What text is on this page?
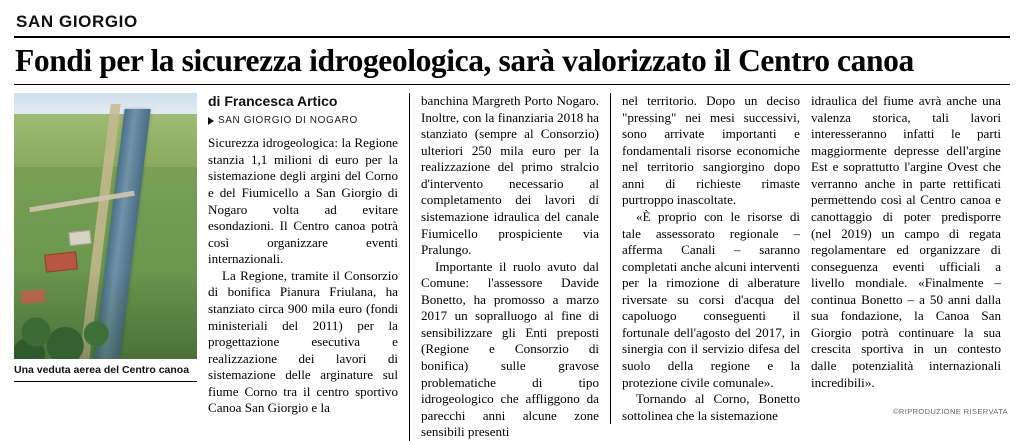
SAN GIORGIO
Fondi per la sicurezza idrogeologica, sarà valorizzato il Centro canoa
Una veduta aerea del Centro canoa
di Francesca Artico
SAN GIORGIO DI NOGARO

Sicurezza idrogeologica: la Regione stanzia 1,1 milioni di euro per la sistemazione degli argini del Corno e del Fiumicello a San Giorgio di Nogaro volta ad evitare esondazioni. Il Centro canoa potrà così organizzare eventi internazionali.

La Regione, tramite il Consorzio di bonifica Pianura Friulana, ha stanziato circa 900 mila euro (fondi ministeriali del 2011) per la progettazione esecutiva e realizzazione dei lavori di sistemazione delle arginature sul fiume Corno tra il centro sportivo Canoa San Giorgio e la

banchina Margreth Porto Nogaro. Inoltre, con la finanziaria 2018 ha stanziato (sempre al Consorzio) ulteriori 250 mila euro per la realizzazione del primo stralcio d'intervento necessario al completamento dei lavori di sistemazione idraulica del canale Fiumicello prospiciente via Pralungo.

Importante il ruolo avuto dal Comune: l'assessore Davide Bonetto, ha promosso a marzo 2017 un sopralluogo al fine di sensibilizzare gli Enti preposti (Regione e Consorzio di bonifica) sulle gravose problematiche di tipo idrogeologico che affliggono da parecchi anni alcune zone sensibili presenti

nel territorio. Dopo un deciso "pressing" nei mesi successivi, sono arrivate importanti e fondamentali risorse economiche nel territorio sangiorgino dopo anni di richieste rimaste purtroppo inascoltate.

«È proprio con le risorse di tale assessorato regionale – afferma Canali – saranno completati anche alcuni interventi per la rimozione di alberature riversate su corsi d'acqua del capoluogo conseguenti il fortunale dell'agosto del 2017, in sinergia con il servizio difesa del suolo della regione e la protezione civile comunale».

Tornando al Corno, Bonetto sottolinea che la sistemazione

idraulica del fiume avrà anche una valenza storica, tali lavori interesseranno infatti le parti maggiormente depresse dell'argine Est e soprattutto l'argine Ovest che verranno anche in parte rettificati permettendo così al Centro canoa e canottaggio di poter predisporre (nel 2019) un campo di regata regolamentare ed organizzare di conseguenza eventi ufficiali a livello mondiale. «Finalmente – continua Bonetto – a 50 anni dalla sua fondazione, la Canoa San Giorgio potrà continuare la sua crescita sportiva in un contesto dalle potenzialità internazionali incredibili».

©RIPRODUZIONE RISERVATA
